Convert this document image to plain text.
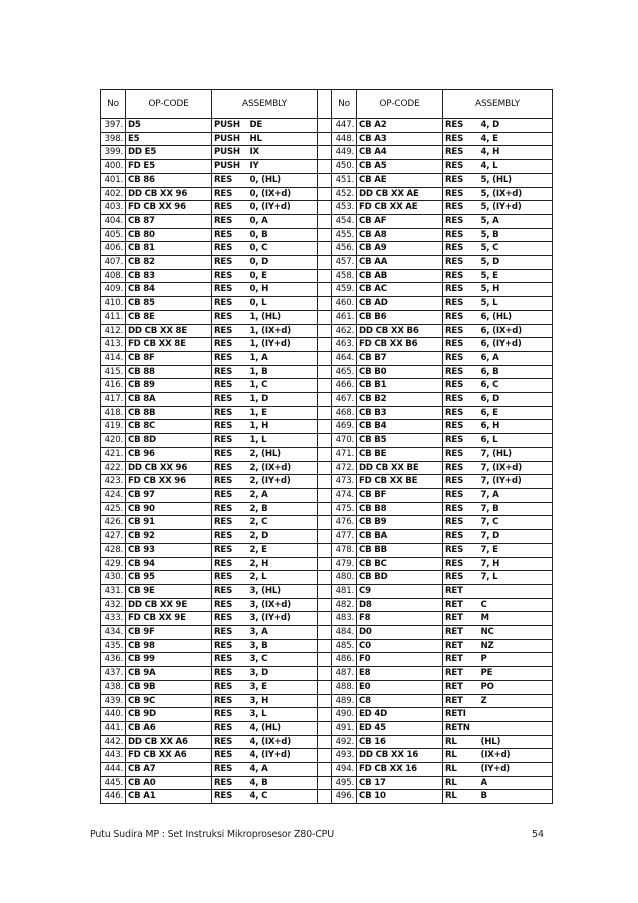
No	OP-CODE	ASSEMBLY			No	OP-CODE	ASSEMBLY	
397.	D5	PUSH	DE		447.	CB A2	RES	4, D
398.	E5	PUSH	HL		448.	CB A3	RES	4, E
399.	DD E5	PUSH	IX		449.	CB A4	RES	4, H
400.	FD E5	PUSH	IY		450.	CB A5	RES	4, L
401.	CB 86	RES	0, (HL)		451.	CB AE	RES	5, (HL)
402.	DD CB XX 96	RES	0, (IX+d)		452.	DD CB XX AE	RES	5, (IX+d)
403.	FD CB XX 96	RES	0, (IY+d)		453.	FD CB XX AE	RES	5, (IY+d)
404.	CB 87	RES	0, A		454.	CB AF	RES	5, A
405.	CB 80	RES	0, B		455.	CB A8	RES	5, B
406.	CB 81	RES	0, C		456.	CB A9	RES	5, C
407.	CB 82	RES	0, D		457.	CB AA	RES	5, D
408.	CB 83	RES	0, E		458.	CB AB	RES	5, E
409.	CB 84	RES	0, H		459.	CB AC	RES	5, H
410.	CB 85	RES	0, L		460.	CB AD	RES	5, L
411.	CB 8E	RES	1, (HL)		461.	CB B6	RES	6, (HL)
412.	DD CB XX 8E	RES	1, (IX+d)		462.	DD CB XX B6	RES	6, (IX+d)
413.	FD CB XX 8E	RES	1, (IY+d)		463.	FD CB XX B6	RES	6, (IY+d)
414.	CB 8F	RES	1, A		464.	CB B7	RES	6, A
415.	CB 88	RES	1, B		465.	CB B0	RES	6, B
416.	CB 89	RES	1, C		466.	CB B1	RES	6, C
417.	CB 8A	RES	1, D		467.	CB B2	RES	6, D
418.	CB 8B	RES	1, E		468.	CB B3	RES	6, E
419.	CB 8C	RES	1, H		469.	CB B4	RES	6, H
420.	CB 8D	RES	1, L		470.	CB B5	RES	6, L
421.	CB 96	RES	2, (HL)		471.	CB BE	RES	7, (HL)
422.	DD CB XX 96	RES	2, (IX+d)		472.	DD CB XX BE	RES	7, (IX+d)
423.	FD CB XX 96	RES	2, (IY+d)		473.	FD CB XX BE	RES	7, (IY+d)
424.	CB 97	RES	2, A		474.	CB BF	RES	7, A
425.	CB 90	RES	2, B		475.	CB B8	RES	7, B
426.	CB 91	RES	2, C		476.	CB B9	RES	7, C
427.	CB 92	RES	2, D		477.	CB BA	RES	7, D
428.	CB 93	RES	2, E		478.	CB BB	RES	7, E
429.	CB 94	RES	2, H		479.	CB BC	RES	7, H
430.	CB 95	RES	2, L		480.	CB BD	RES	7, L
431.	CB 9E	RES	3, (HL)		481.	C9	RET	
432.	DD CB XX 9E	RES	3, (IX+d)		482.	D8	RET	C
433.	FD CB XX 9E	RES	3, (IY+d)		483.	F8	RET	M
434.	CB 9F	RES	3, A		484.	D0	RET	NC
435.	CB 98	RES	3, B		485.	C0	RET	NZ
436.	CB 99	RES	3, C		486.	F0	RET	P
437.	CB 9A	RES	3, D		487.	E8	RET	PE
438.	CB 9B	RES	3, E		488.	E0	RET	PO
439.	CB 9C	RES	3, H		489.	C8	RET	Z
440.	CB 9D	RES	3, L		490.	ED 4D	RETI	
441.	CB A6	RES	4, (HL)		491.	ED 45	RETN	
442.	DD CB XX A6	RES	4, (IX+d)		492.	CB 16	RL	(HL)
443.	FD CB XX A6	RES	4, (IY+d)		493.	DD CB XX 16	RL	(IX+d)
444.	CB A7	RES	4, A		494.	FD CB XX 16	RL	(IY+d)
445.	CB A0	RES	4, B		495.	CB 17	RL	A
446.	CB A1	RES	4, C		496.	CB 10	RL	B
Putu Sudira MP : Set Instruksi Mikroprosesor Z80-CPU	54
